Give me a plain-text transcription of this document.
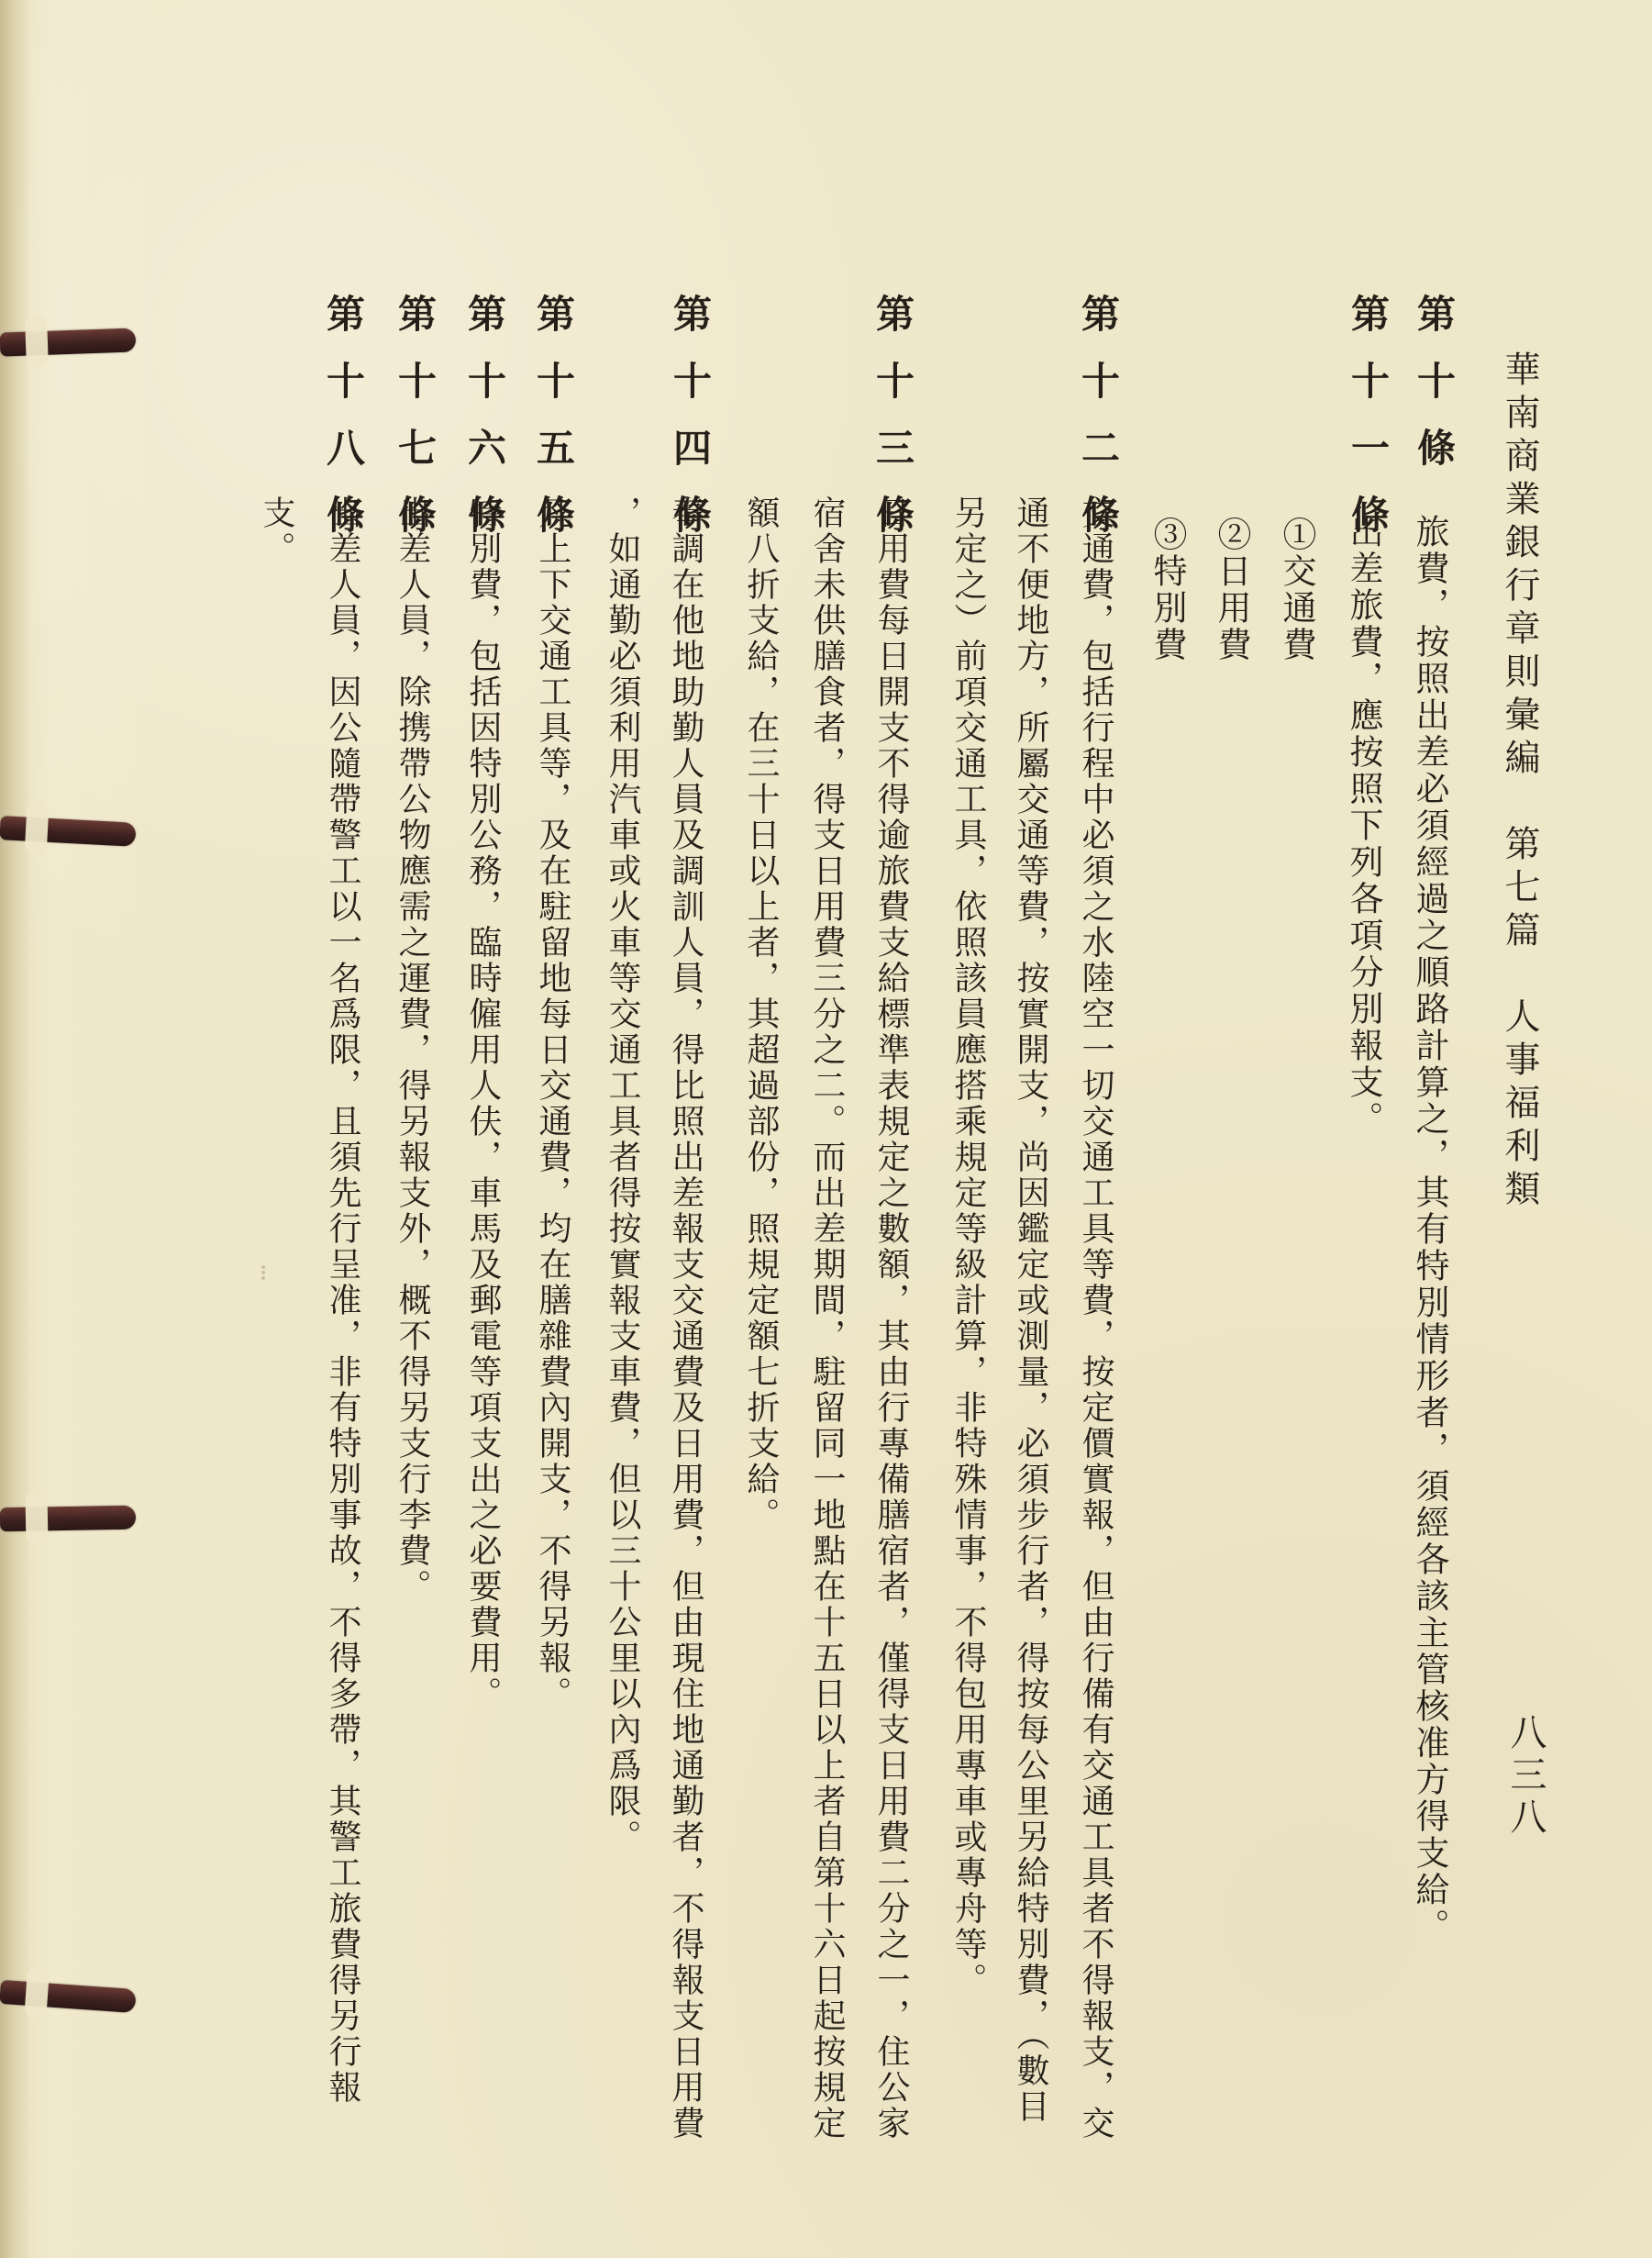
華南商業銀行章則彙編　第七篇　人事福利類
八三八
第十條
旅費，按照出差必須經過之順路計算之，其有特別情形者，須經各該主管核准方得支給。
第十一條
出差旅費，應按照下列各項分別報支。
①交通費
②日用費
③特別費
第十二條
交通費，包括行程中必須之水陸空一切交通工具等費，按定價實報，但由行備有交通工具者不得報支，交
通不便地方，所屬交通等費，按實開支，尚因鑑定或測量，必須步行者，得按每公里另給特別費，（數目
另定之）前項交通工具，依照該員應搭乘規定等級計算，非特殊情事，不得包用專車或專舟等。
第十三條
日用費每日開支不得逾旅費支給標準表規定之數額，其由行專備膳宿者，僅得支日用費二分之一，住公家
宿舍未供膳食者，得支日用費三分之二。而出差期間，駐留同一地點在十五日以上者自第十六日起按規定
額八折支給，在三十日以上者，其超過部份，照規定額七折支給。
第十四條
奉調在他地助勤人員及調訓人員，得比照出差報支交通費及日用費，但由現住地通勤者，不得報支日用費
，如通勤必須利用汽車或火車等交通工具者得按實報支車費，但以三十公里以內爲限。
第十五條
凡上下交通工具等，及在駐留地每日交通費，均在膳雜費內開支，不得另報。
第十六條
特別費，包括因特別公務，臨時僱用人伕，車馬及郵電等項支出之必要費用。
第十七條
出差人員，除携帶公物應需之運費，得另報支外，概不得另支行李費。
第十八條
出差人員，因公隨帶警工以一名爲限，且須先行呈准，非有特別事故，不得多帶，其警工旅費得另行報
支。
